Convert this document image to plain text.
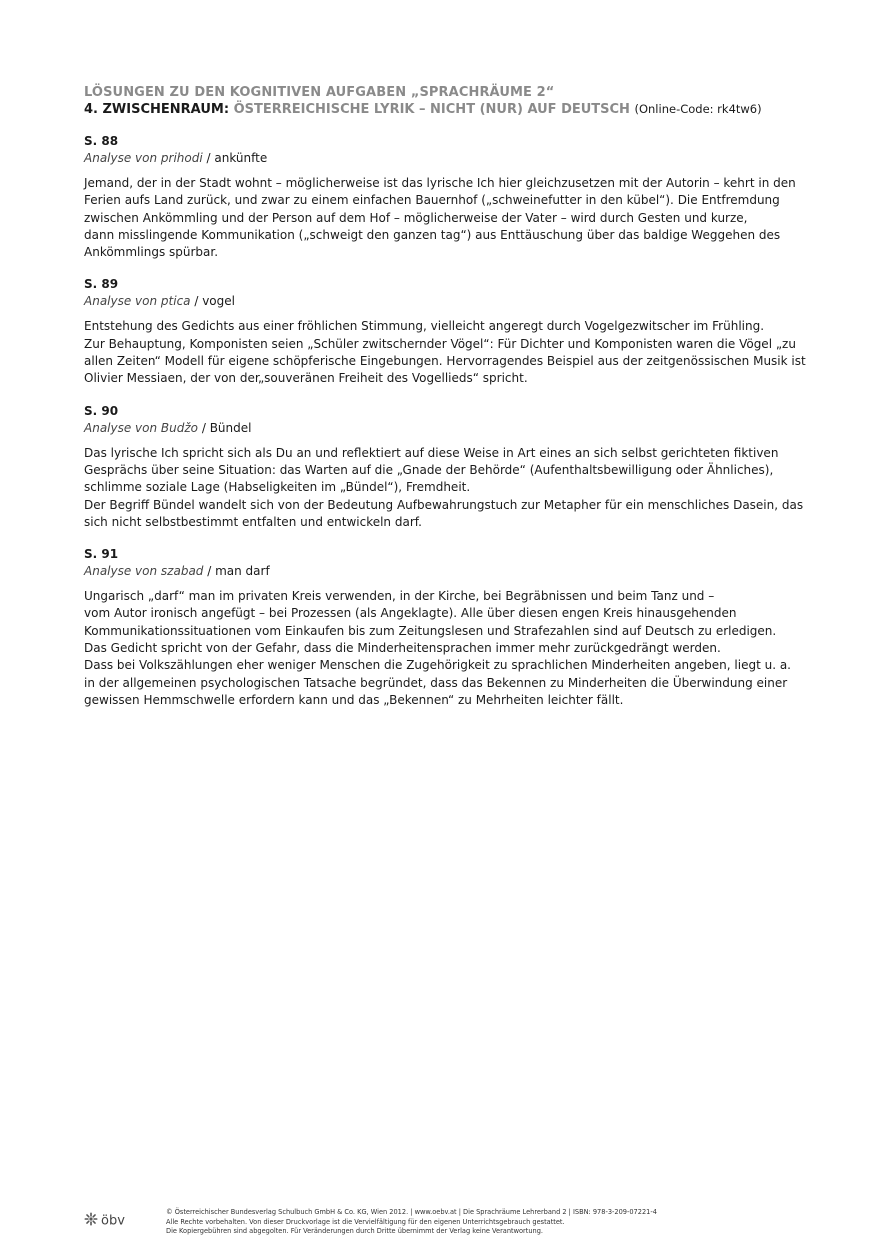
LÖSUNGEN ZU DEN KOGNITIVEN AUFGABEN „SPRACHRÄUME 2“
4. ZWISCHENRAUM: ÖSTERREICHISCHE LYRIK – NICHT (NUR) AUF DEUTSCH (Online-Code: rk4tw6)
S. 88
Analyse von prihodi / ankünfte
Jemand, der in der Stadt wohnt – möglicherweise ist das lyrische Ich hier gleichzusetzen mit der Autorin – kehrt in den
Ferien aufs Land zurück, und zwar zu einem einfachen Bauernhof („schweinefutter in den kübel“). Die Entfremdung
zwischen Ankömmling und der Person auf dem Hof – möglicherweise der Vater – wird durch Gesten und kurze,
dann misslingende Kommunikation („schweigt den ganzen tag“) aus Enttäuschung über das baldige Weggehen des
Ankömmlings spürbar.
S. 89
Analyse von ptica / vogel
Entstehung des Gedichts aus einer fröhlichen Stimmung, vielleicht angeregt durch Vogelgezwitscher im Frühling.
Zur Behauptung, Komponisten seien „Schüler zwitschernder Vögel“: Für Dichter und Komponisten waren die Vögel „zu
allen Zeiten“ Modell für eigene schöpferische Eingebungen. Hervorragendes Beispiel aus der zeitgenössischen Musik ist
Olivier Messiaen, der von der„souveränen Freiheit des Vogellieds“ spricht.
S. 90
Analyse von Budžo / Bündel
Das lyrische Ich spricht sich als Du an und reflektiert auf diese Weise in Art eines an sich selbst gerichteten fiktiven
Gesprächs über seine Situation: das Warten auf die „Gnade der Behörde“ (Aufenthaltsbewilligung oder Ähnliches),
schlimme soziale Lage (Habseligkeiten im „Bündel“), Fremdheit.
Der Begriff Bündel wandelt sich von der Bedeutung Aufbewahrungstuch zur Metapher für ein menschliches Dasein, das
sich nicht selbstbestimmt entfalten und entwickeln darf.
S. 91
Analyse von szabad / man darf
Ungarisch „darf“ man im privaten Kreis verwenden, in der Kirche, bei Begräbnissen und beim Tanz und –
vom Autor ironisch angefügt – bei Prozessen (als Angeklagte). Alle über diesen engen Kreis hinausgehenden
Kommunikationssituationen vom Einkaufen bis zum Zeitungslesen und Strafezahlen sind auf Deutsch zu erledigen.
Das Gedicht spricht von der Gefahr, dass die Minderheitensprachen immer mehr zurückgedrängt werden.
Dass bei Volkszählungen eher weniger Menschen die Zugehörigkeit zu sprachlichen Minderheiten angeben, liegt u. a.
in der allgemeinen psychologischen Tatsache begründet, dass das Bekennen zu Minderheiten die Überwindung einer
gewissen Hemmschwelle erfordern kann und das „Bekennen“ zu Mehrheiten leichter fällt.
öbv
© Österreichischer Bundesverlag Schulbuch GmbH & Co. KG, Wien 2012. | www.oebv.at | Die Sprachräume Lehrerband 2 | ISBN: 978-3-209-07221-4
Alle Rechte vorbehalten. Von dieser Druckvorlage ist die Vervielfältigung für den eigenen Unterrichtsgebrauch gestattet.
Die Kopiergebühren sind abgegolten. Für Veränderungen durch Dritte übernimmt der Verlag keine Verantwortung.
